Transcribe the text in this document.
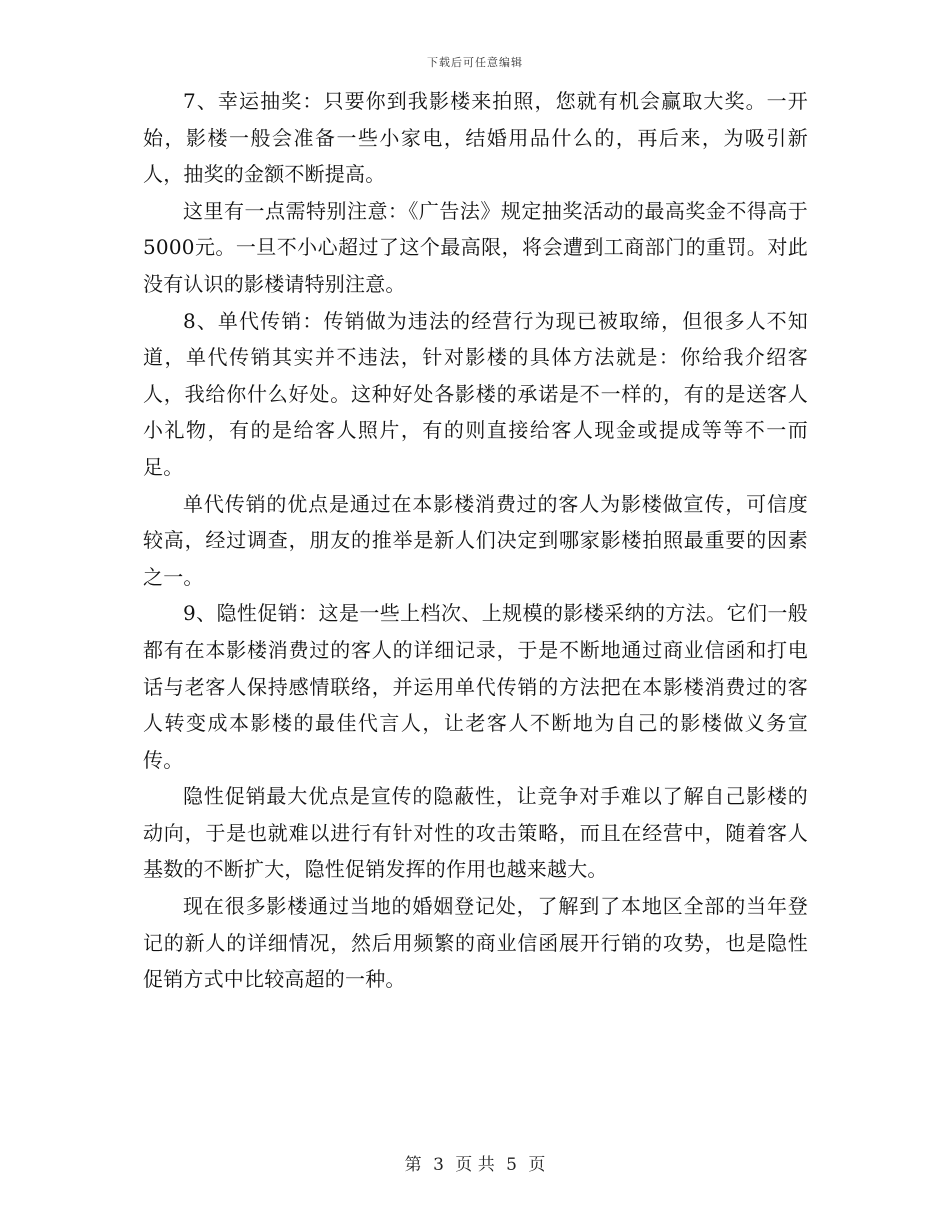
下载后可任意编辑

7、幸运抽奖：只要你到我影楼来拍照，您就有机会赢取大奖。一开始，影楼一般会准备一些小家电，结婚用品什么的，再后来，为吸引新人，抽奖的金额不断提高。

这里有一点需特别注意：《广告法》规定抽奖活动的最高奖金不得高于5000元。一旦不小心超过了这个最高限，将会遭到工商部门的重罚。对此没有认识的影楼请特别注意。

8、单代传销：传销做为违法的经营行为现已被取缔，但很多人不知道，单代传销其实并不违法，针对影楼的具体方法就是：你给我介绍客人，我给你什么好处。这种好处各影楼的承诺是不一样的，有的是送客人小礼物，有的是给客人照片，有的则直接给客人现金或提成等等不一而足。

单代传销的优点是通过在本影楼消费过的客人为影楼做宣传，可信度较高，经过调查，朋友的推举是新人们决定到哪家影楼拍照最重要的因素之一。

9、隐性促销：这是一些上档次、上规模的影楼采纳的方法。它们一般都有在本影楼消费过的客人的详细记录，于是不断地通过商业信函和打电话与老客人保持感情联络，并运用单代传销的方法把在本影楼消费过的客人转变成本影楼的最佳代言人，让老客人不断地为自己的影楼做义务宣传。

隐性促销最大优点是宣传的隐蔽性，让竞争对手难以了解自己影楼的动向，于是也就难以进行有针对性的攻击策略，而且在经营中，随着客人基数的不断扩大，隐性促销发挥的作用也越来越大。

现在很多影楼通过当地的婚姻登记处，了解到了本地区全部的当年登记的新人的详细情况，然后用频繁的商业信函展开行销的攻势，也是隐性促销方式中比较高超的一种。

第 3 页 共 5 页
